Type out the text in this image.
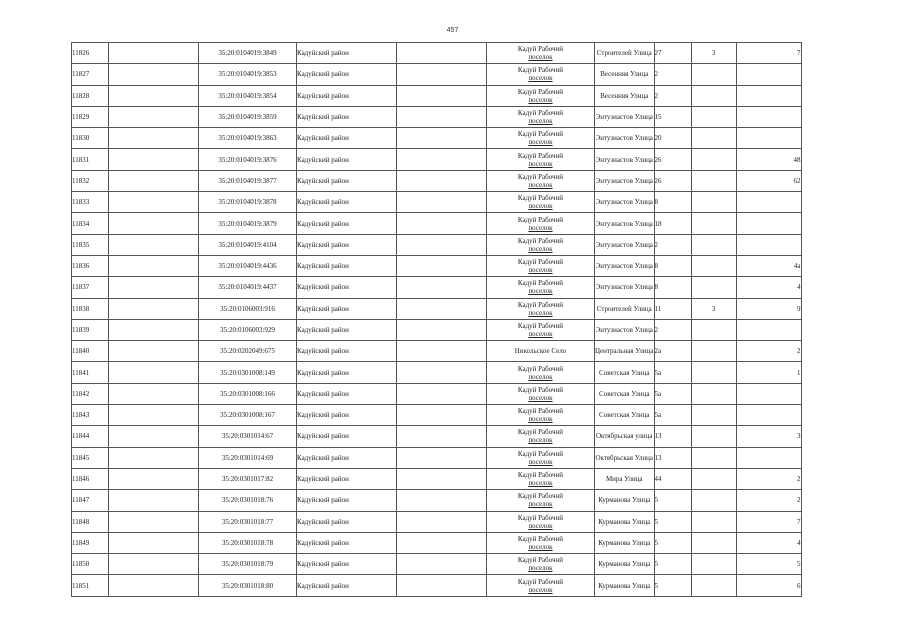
457
11826		35:20:0104019:3849	Кадуйский район		Кадуй Рабочий
поселок	Строителей Улица	27	3	7
11827		35:20:0104019:3853	Кадуйский район		Кадуй Рабочий
поселок	Весенняя Улица	2		
11828		35:20:0104019:3854	Кадуйский район		Кадуй Рабочий
поселок	Весенняя Улица	2		
11829		35:20:0104019:3859	Кадуйский район		Кадуй Рабочий
поселок	Энтузиастов Улица	15		
11830		35:20:0104019:3863	Кадуйский район		Кадуй Рабочий
поселок	Энтузиастов Улица	20		
11831		35:20:0104019:3876	Кадуйский район		Кадуй Рабочий
поселок	Энтузиастов Улица	26		48
11832		35:20:0104019:3877	Кадуйский район		Кадуй Рабочий
поселок	Энтузиастов Улица	26		62
11833		35:20:0104019:3878	Кадуйский район		Кадуй Рабочий
поселок	Энтузиастов Улица	8		
11834		35:20:0104019:3879	Кадуйский район		Кадуй Рабочий
поселок	Энтузиастов Улица	18		
11835		35:20:0104019:4104	Кадуйский район		Кадуй Рабочий
поселок	Энтузиастов Улица	2		
11836		35:20:0104019:4436	Кадуйский район		Кадуй Рабочий
поселок	Энтузиастов Улица	8		4а
11837		35:20:0104019:4437	Кадуйский район		Кадуй Рабочий
поселок	Энтузиастов Улица	8		4
11838		35:20:0106003:916	Кадуйский район		Кадуй Рабочий
поселок	Строителей Улица	11	3	9
11839		35:20:0106003:929	Кадуйский район		Кадуй Рабочий
поселок	Энтузиастов Улица	2		
11840		35:20:0202049:675	Кадуйский район		Никольское Село	Центральная Улица	2а		2
11841		35:20:0301008:149	Кадуйский район		Кадуй Рабочий
поселок	Советская Улица	5а		1
11842		35:20:0301008:166	Кадуйский район		Кадуй Рабочий
поселок	Советская Улица	5а		
11843		35:20:0301008:167	Кадуйский район		Кадуй Рабочий
поселок	Советская Улица	5а		
11844		35:20:0301014:67	Кадуйский район		Кадуй Рабочий
поселок	Октябрьская улица	13		3
11845		35:20:0301014:69	Кадуйский район		Кадуй Рабочий
поселок	Октябрьская Улица	13		
11846		35:20:0301017:82	Кадуйский район		Кадуй Рабочий
поселок	Мира Улица	44		2
11847		35:20:0301018:76	Кадуйский район		Кадуй Рабочий
поселок	Курманова Улица	5		2
11848		35:20:0301018:77	Кадуйский район		Кадуй Рабочий
поселок	Курманова Улица	5		7
11849		35:20:0301018:78	Кадуйский район		Кадуй Рабочий
поселок	Курманова Улица	5		4
11850		35:20:0301018:79	Кадуйский район		Кадуй Рабочий
поселок	Курманова Улица	5		5
11851		35:20:0301018:80	Кадуйский район		Кадуй Рабочий
поселок	Курманова Улица	5		6
